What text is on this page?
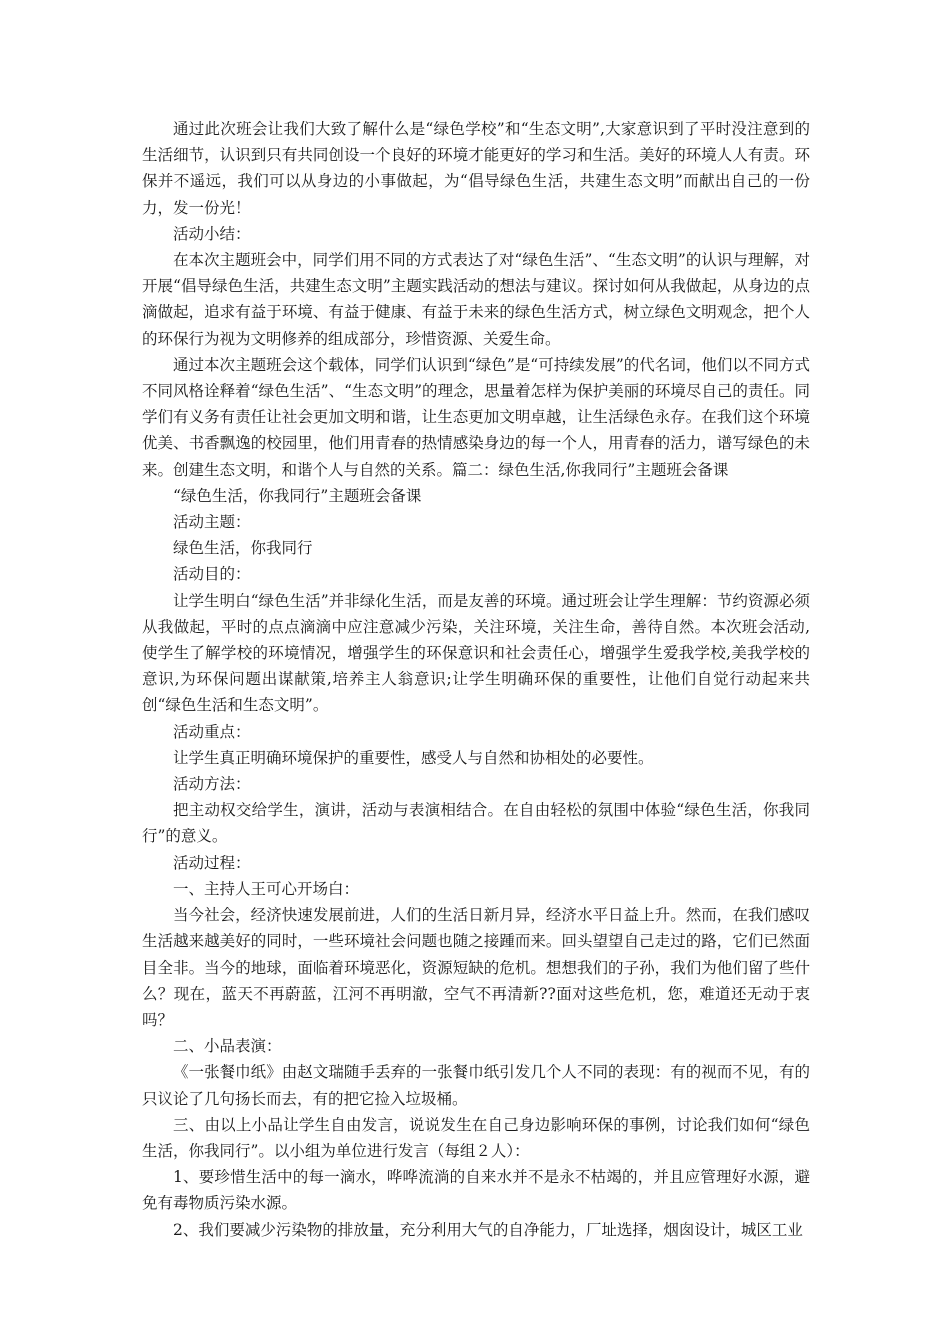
通过此次班会让我们大致了解什么是“绿色学校”和“生态文明”,大家意识到了平时没注意到的生活细节，认识到只有共同创设一个良好的环境才能更好的学习和生活。美好的环境人人有责。环保并不遥远，我们可以从身边的小事做起，为“倡导绿色生活，共建生态文明”而献出自己的一份力，发一份光！

活动小结：

在本次主题班会中，同学们用不同的方式表达了对“绿色生活”、“生态文明”的认识与理解，对开展“倡导绿色生活，共建生态文明”主题实践活动的想法与建议。探讨如何从我做起，从身边的点滴做起，追求有益于环境、有益于健康、有益于未来的绿色生活方式，树立绿色文明观念，把个人的环保行为视为文明修养的组成部分，珍惜资源、关爱生命。

通过本次主题班会这个载体，同学们认识到“绿色”是“可持续发展”的代名词，他们以不同方式不同风格诠释着“绿色生活”、“生态文明”的理念，思量着怎样为保护美丽的环境尽自己的责任。同学们有义务有责任让社会更加文明和谐，让生态更加文明卓越，让生活绿色永存。在我们这个环境优美、书香飘逸的校园里，他们用青春的热情感染身边的每一个人，用青春的活力，谱写绿色的未来。创建生态文明，和谐个人与自然的关系。篇二：绿色生活,你我同行”主题班会备课

“绿色生活，你我同行”主题班会备课

活动主题：

绿色生活，你我同行

活动目的：

让学生明白“绿色生活”并非绿化生活，而是友善的环境。通过班会让学生理解：节约资源必须从我做起，平时的点点滴滴中应注意减少污染，关注环境，关注生命，善待自然。本次班会活动,使学生了解学校的环境情况，增强学生的环保意识和社会责任心，增强学生爱我学校,美我学校的意识,为环保问题出谋献策,培养主人翁意识;让学生明确环保的重要性，让他们自觉行动起来共创“绿色生活和生态文明”。

活动重点：

让学生真正明确环境保护的重要性，感受人与自然和协相处的必要性。

活动方法：

把主动权交给学生，演讲，活动与表演相结合。在自由轻松的氛围中体验“绿色生活，你我同行”的意义。

活动过程：

一、主持人王可心开场白：

当今社会，经济快速发展前进，人们的生活日新月异，经济水平日益上升。然而，在我们感叹生活越来越美好的同时，一些环境社会问题也随之接踵而来。回头望望自己走过的路，它们已然面目全非。当今的地球，面临着环境恶化，资源短缺的危机。想想我们的子孙，我们为他们留了些什么？现在，蓝天不再蔚蓝，江河不再明澈，空气不再清新??面对这些危机，您，难道还无动于衷吗？

二、小品表演：

《一张餐巾纸》由赵文瑞随手丢弃的一张餐巾纸引发几个人不同的表现：有的视而不见，有的只议论了几句扬长而去，有的把它捡入垃圾桶。

三、由以上小品让学生自由发言，说说发生在自己身边影响环保的事例，讨论我们如何“绿色生活，你我同行”。以小组为单位进行发言（每组２人）：

1、要珍惜生活中的每一滴水，哗哗流淌的自来水并不是永不枯竭的，并且应管理好水源，避免有毒物质污染水源。

2、我们要减少污染物的排放量，充分利用大气的自净能力，厂址选择，烟囱设计，城区工业
